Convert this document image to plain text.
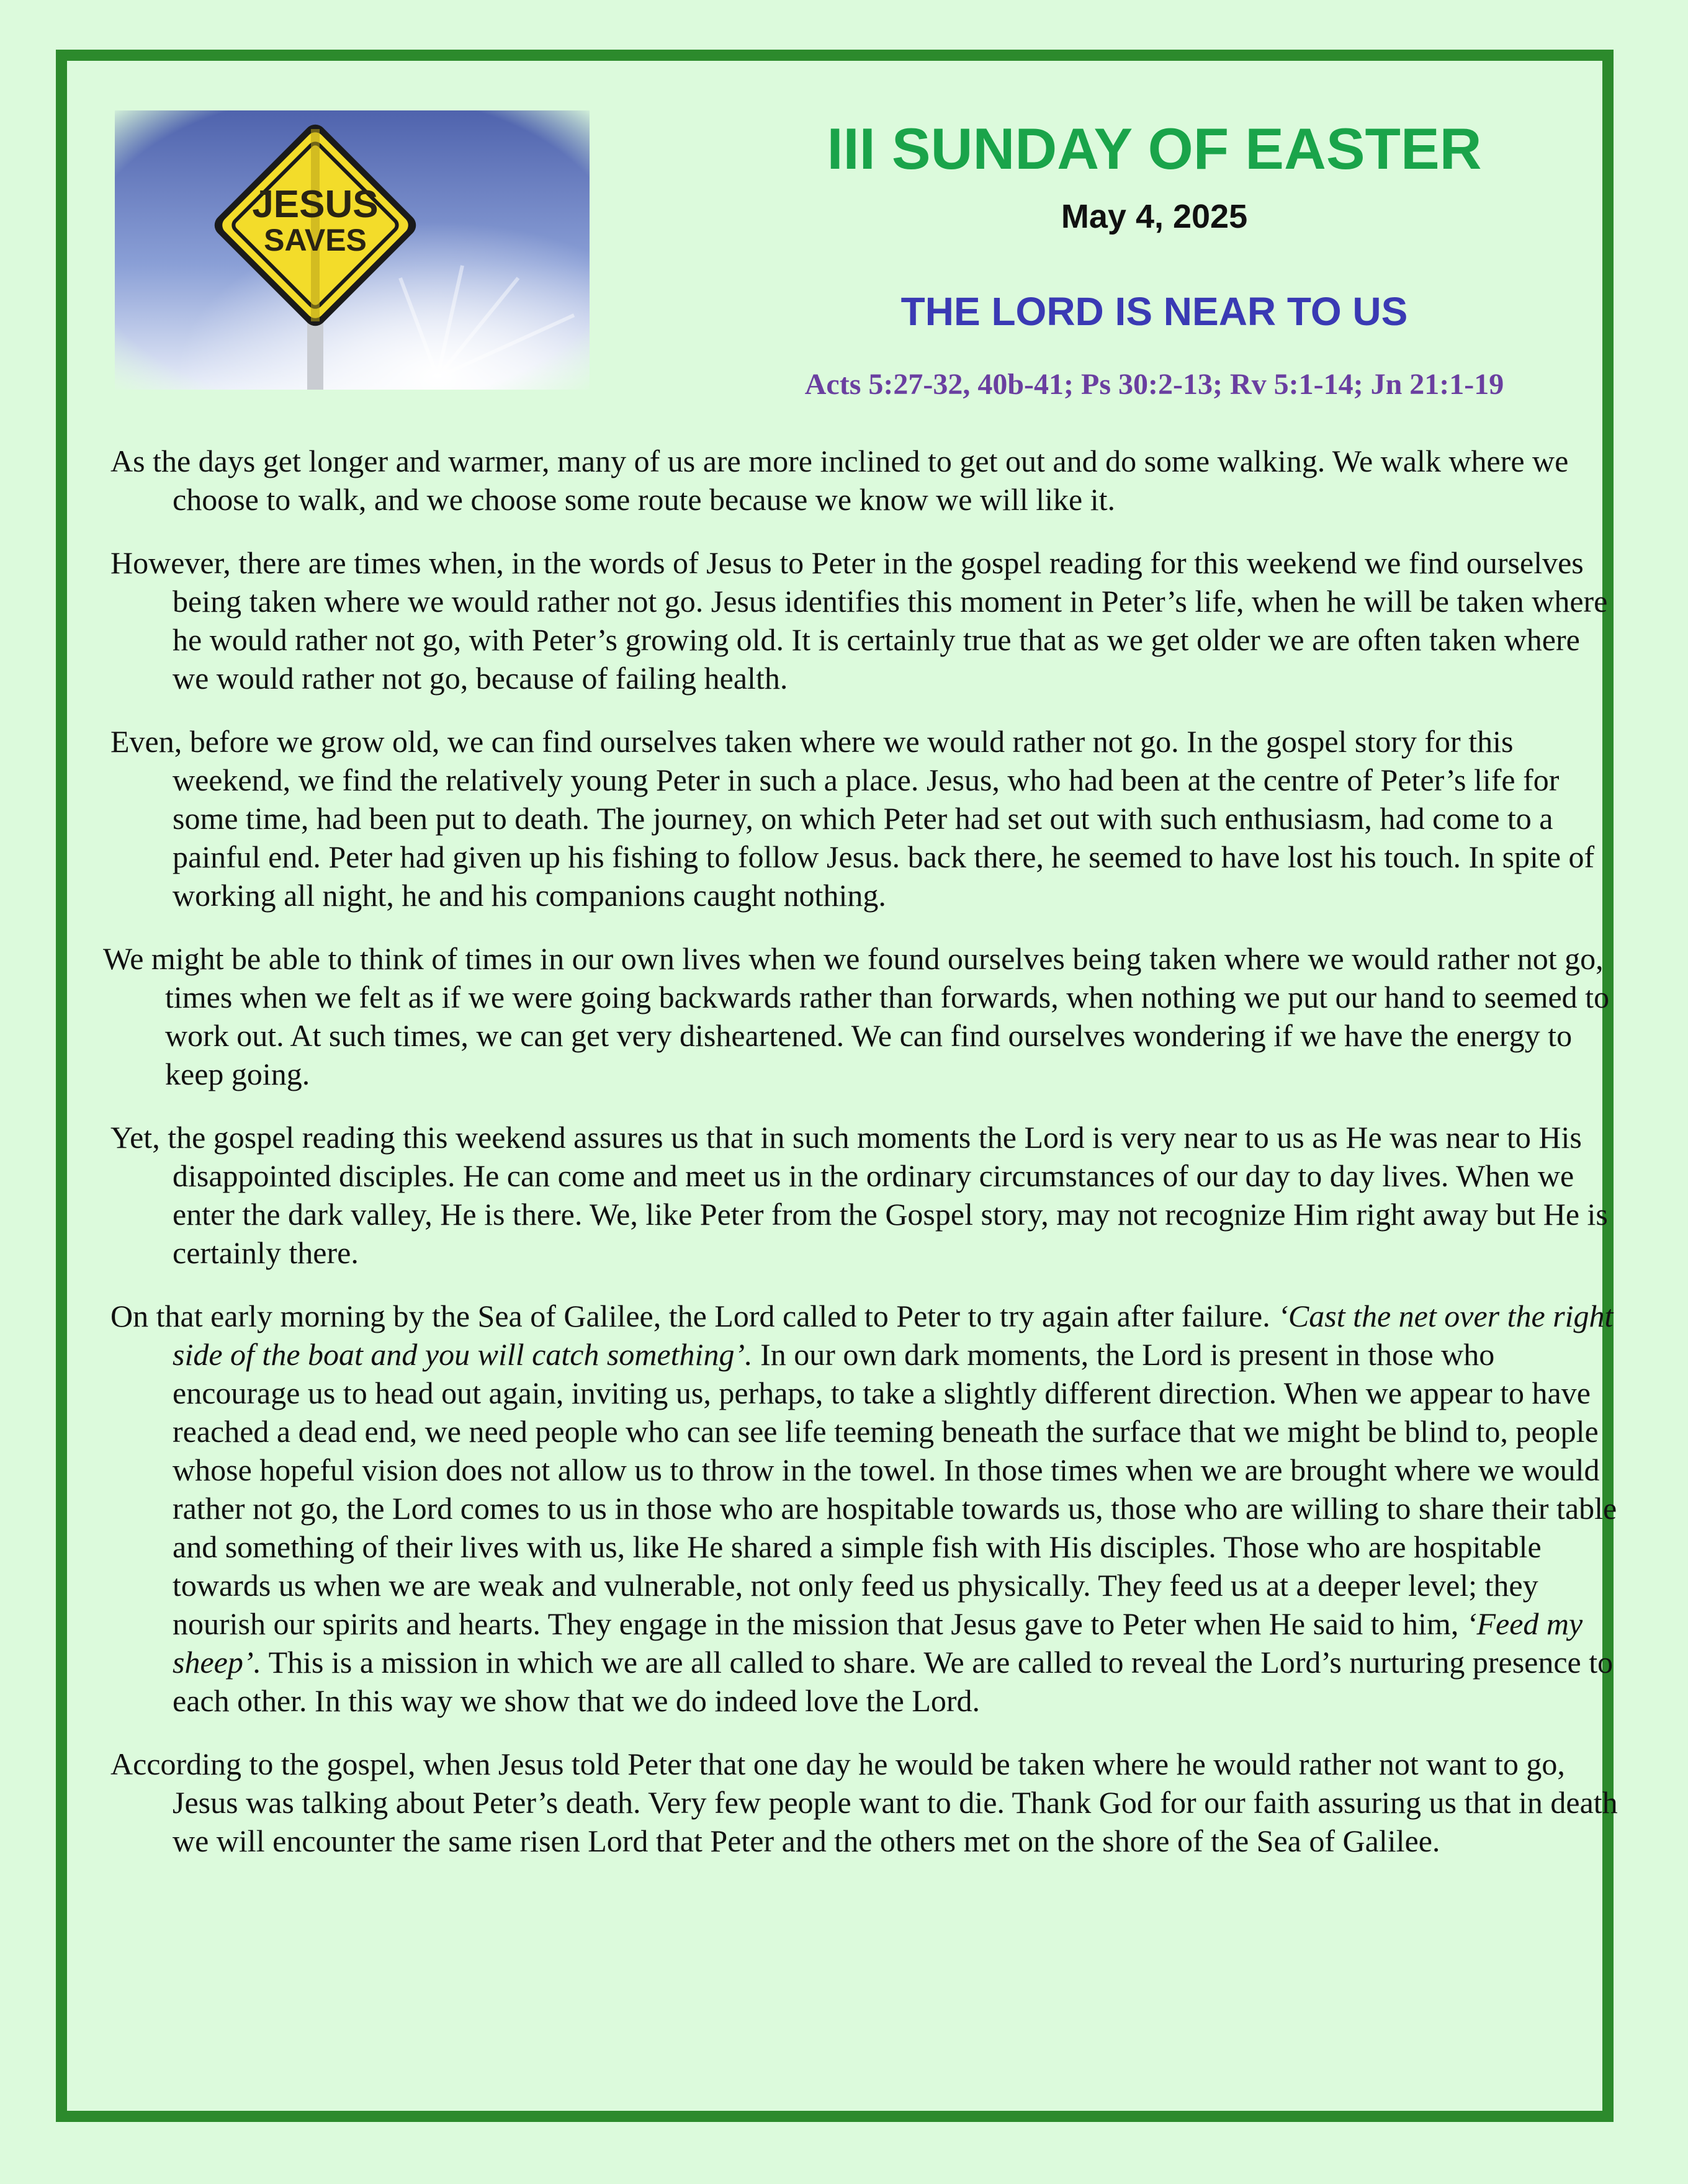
III SUNDAY OF EASTER
May 4, 2025
THE LORD IS NEAR TO US
Acts 5:27-32, 40b-41; Ps 30:2-13; Rv 5:1-14; Jn 21:1-19

As the days get longer and warmer, many of us are more inclined to get out and do some walking. We walk where we choose to walk, and we choose some route because we know we will like it.

However, there are times when, in the words of Jesus to Peter in the gospel reading for this weekend we find ourselves being taken where we would rather not go. Jesus identifies this moment in Peter’s life, when he will be taken where he would rather not go, with Peter’s growing old. It is certainly true that as we get older we are often taken where we would rather not go, because of failing health.

Even, before we grow old, we can find ourselves taken where we would rather not go. In the gospel story for this weekend, we find the relatively young Peter in such a place. Jesus, who had been at the centre of Peter’s life for some time, had been put to death. The journey, on which Peter had set out with such enthusiasm, had come to a painful end. Peter had given up his fishing to follow Jesus. back there, he seemed to have lost his touch. In spite of working all night, he and his companions caught nothing.

We might be able to think of times in our own lives when we found ourselves being taken where we would rather not go, times when we felt as if we were going backwards rather than forwards, when nothing we put our hand to seemed to work out. At such times, we can get very disheartened. We can find ourselves wondering if we have the energy to keep going.

Yet, the gospel reading this weekend assures us that in such moments the Lord is very near to us as He was near to His disappointed disciples. He can come and meet us in the ordinary circumstances of our day to day lives. When we enter the dark valley, He is there. We, like Peter from the Gospel story, may not recognize Him right away but He is certainly there.

On that early morning by the Sea of Galilee, the Lord called to Peter to try again after failure. ‘Cast the net over the right side of the boat and you will catch something’. In our own dark moments, the Lord is present in those who encourage us to head out again, inviting us, perhaps, to take a slightly different direction. When we appear to have reached a dead end, we need people who can see life teeming beneath the surface that we might be blind to, people whose hopeful vision does not allow us to throw in the towel. In those times when we are brought where we would rather not go, the Lord comes to us in those who are hospitable towards us, those who are willing to share their table and something of their lives with us, like He shared a simple fish with His disciples. Those who are hospitable towards us when we are weak and vulnerable, not only feed us physically. They feed us at a deeper level; they nourish our spirits and hearts. They engage in the mission that Jesus gave to Peter when He said to him, ‘Feed my sheep’. This is a mission in which we are all called to share. We are called to reveal the Lord’s nurturing presence to each other. In this way we show that we do indeed love the Lord.

According to the gospel, when Jesus told Peter that one day he would be taken where he would rather not want to go, Jesus was talking about Peter’s death. Very few people want to die. Thank God for our faith assuring us that in death we will encounter the same risen Lord that Peter and the others met on the shore of the Sea of Galilee.
